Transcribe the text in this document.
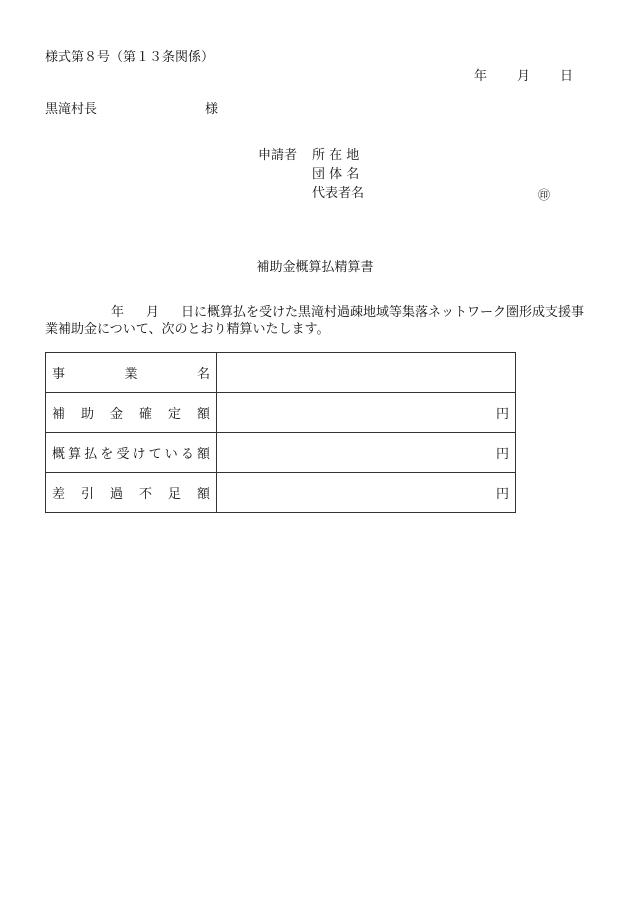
様式第８号（第１３条関係）
年 月 日
黒滝村長	様
申請者 所 在 地
団 体 名
代表者名	㊞
補助金概算払精算書
年 月 日に概算払を受けた黒滝村過疎地域等集落ネットワーク圏形成支援事業補助金について、次のとおり精算いたします。
事業名	
補助金確定額	円
概算払を受けている額	円
差引過不足額	円
